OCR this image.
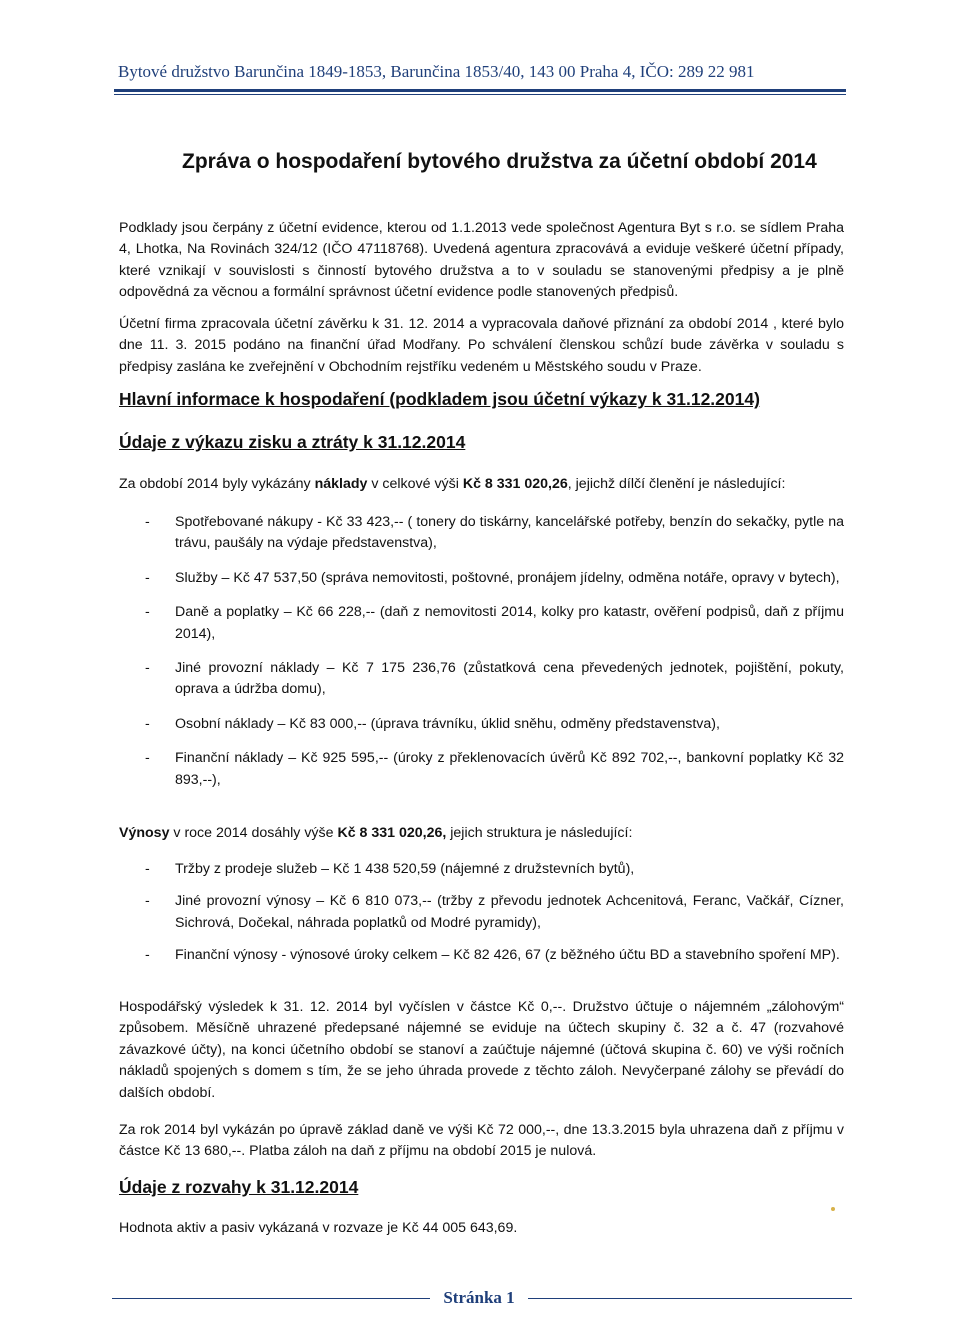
Bytové družstvo Barunčina 1849-1853, Barunčina 1853/40, 143 00 Praha 4, IČO: 289 22 981
Zpráva o hospodaření bytového družstva za účetní období 2014
Podklady jsou čerpány z účetní evidence, kterou od 1.1.2013 vede společnost Agentura Byt s r.o. se sídlem Praha 4, Lhotka, Na Rovinách 324/12 (IČO 47118768). Uvedená agentura zpracovává a eviduje veškeré účetní případy, které vznikají v souvislosti s činností bytového družstva a to v souladu se stanovenými předpisy a je plně odpovědná za věcnou a formální správnost účetní evidence podle stanovených předpisů.
Účetní firma zpracovala účetní závěrku k 31. 12. 2014 a vypracovala daňové přiznání za období 2014 , které bylo dne 11. 3. 2015 podáno na finanční úřad Modřany. Po schválení členskou schůzí bude závěrka v souladu s předpisy zaslána ke zveřejnění v Obchodním rejstříku vedeném u Městského soudu v Praze.
Hlavní informace k hospodaření (podkladem jsou účetní výkazy k 31.12.2014)
Údaje z výkazu zisku a ztráty k 31.12.2014
Za období 2014 byly vykázány náklady v celkové výši Kč 8 331 020,26, jejichž dílčí členění je následující:
- Spotřebované nákupy - Kč 33 423,-- ( tonery do tiskárny, kancelářské potřeby, benzín do sekačky, pytle na trávu, paušály na výdaje představenstva),
- Služby – Kč 47 537,50 (správa nemovitosti, poštovné, pronájem jídelny, odměna notáře, opravy v bytech),
- Daně a poplatky – Kč 66 228,-- (daň z nemovitosti 2014, kolky pro katastr, ověření podpisů, daň z příjmu 2014),
- Jiné provozní náklady – Kč 7 175 236,76 (zůstatková cena převedených jednotek, pojištění, pokuty, oprava a údržba domu),
- Osobní náklady – Kč 83 000,-- (úprava trávníku, úklid sněhu, odměny představenstva),
- Finanční náklady – Kč 925 595,-- (úroky z překlenovacích úvěrů Kč 892 702,--, bankovní poplatky Kč 32 893,--),
Výnosy v roce 2014 dosáhly výše Kč 8 331 020,26, jejich struktura je následující:
- Tržby z prodeje služeb – Kč 1 438 520,59 (nájemné z družstevních bytů),
- Jiné provozní výnosy – Kč 6 810 073,-- (tržby z převodu jednotek Achcenitová, Feranc, Vačkář, Cízner, Sichrová, Dočekal, náhrada poplatků od Modré pyramidy),
- Finanční výnosy - výnosové úroky celkem – Kč 82 426, 67 (z běžného účtu BD a stavebního spoření MP).
Hospodářský výsledek k 31. 12. 2014 byl vyčíslen v částce Kč 0,--. Družstvo účtuje o nájemném „zálohovým“ způsobem. Měsíčně uhrazené předepsané nájemné se eviduje na účtech skupiny č. 32 a č. 47 (rozvahové závazkové účty), na konci účetního období se stanoví a zaúčtuje nájemné (účtová skupina č. 60) ve výši ročních nákladů spojených s domem s tím, že se jeho úhrada provede z těchto záloh. Nevyčerpané zálohy se převádí do dalších období.
Za rok 2014 byl vykázán po úpravě základ daně ve výši Kč 72 000,--, dne 13.3.2015 byla uhrazena daň z příjmu v částce Kč 13 680,--. Platba záloh na daň z příjmu na období 2015 je nulová.
Údaje z rozvahy k 31.12.2014
Hodnota aktiv a pasiv vykázaná v rozvaze je Kč 44 005 643,69.
Stránka 1
